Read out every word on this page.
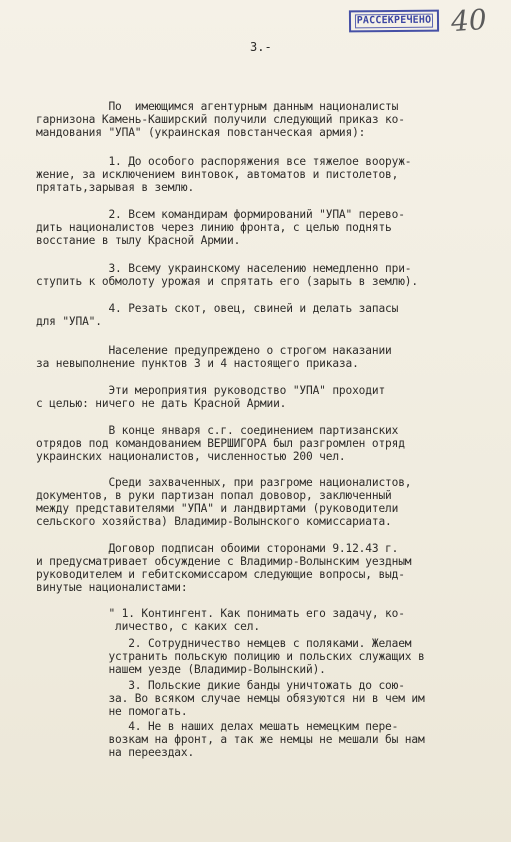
РАССЕКРЕЧЕНО 40
3.-
По  имеющимся агентурным данным националисты
гарнизона Камень-Каширский получили следующий приказ ко-
мандования "УПА" (украинская повстанческая армия):
1. До особого распоряжения все тяжелое вооруж-
жение, за исключением винтовок, автоматов и пистолетов,
прятать,зарывая в землю.
2. Всем командирам формирований "УПА" перево-
дить националистов через линию фронта, с целью поднять
восстание в тылу Красной Армии.
3. Всему украинскому населению немедленно при-
ступить к обмолоту урожая и спрятать его (зарыть в землю).
4. Резать скот, овец, свиней и делать запасы
для "УПА".
Население предупреждено о строгом наказании
за невыполнение пунктов 3 и 4 настоящего приказа.
Эти мероприятия руководство "УПА" проходит
с целью: ничего не дать Красной Армии.
В конце января с.г. соединением партизанских
отрядов под командованием ВЕРШИГОРА был разгромлен отряд
украинских националистов, численностью 200 чел.
Среди захваченных, при разгроме националистов,
документов, в руки партизан попал дововор, заключенный
между представителями "УПА" и ландвиртами (руководители
сельского хозяйства) Владимир-Волынского комиссариата.
Договор подписан обоими сторонами 9.12.43 г.
и предусматривает обсуждение с Владимир-Волынским уездным
руководителем и гебитскомиссаром следующие вопросы, выд-
винутые националистами:
" 1. Контингент. Как понимать его задачу, ко-
личество, с каких сел.
2. Сотрудничество немцев с поляками. Желаем
устранить польскую полицию и польских служащих в
нашем уезде (Владимир-Волынский).
3. Польские дикие банды уничтожать до сою-
за. Во всяком случае немцы обязуются ни в чем им
не помогать.
4. Не в наших делах мешать немецким пере-
возкам на фронт, а так же немцы не мешали бы нам
на переездах.
